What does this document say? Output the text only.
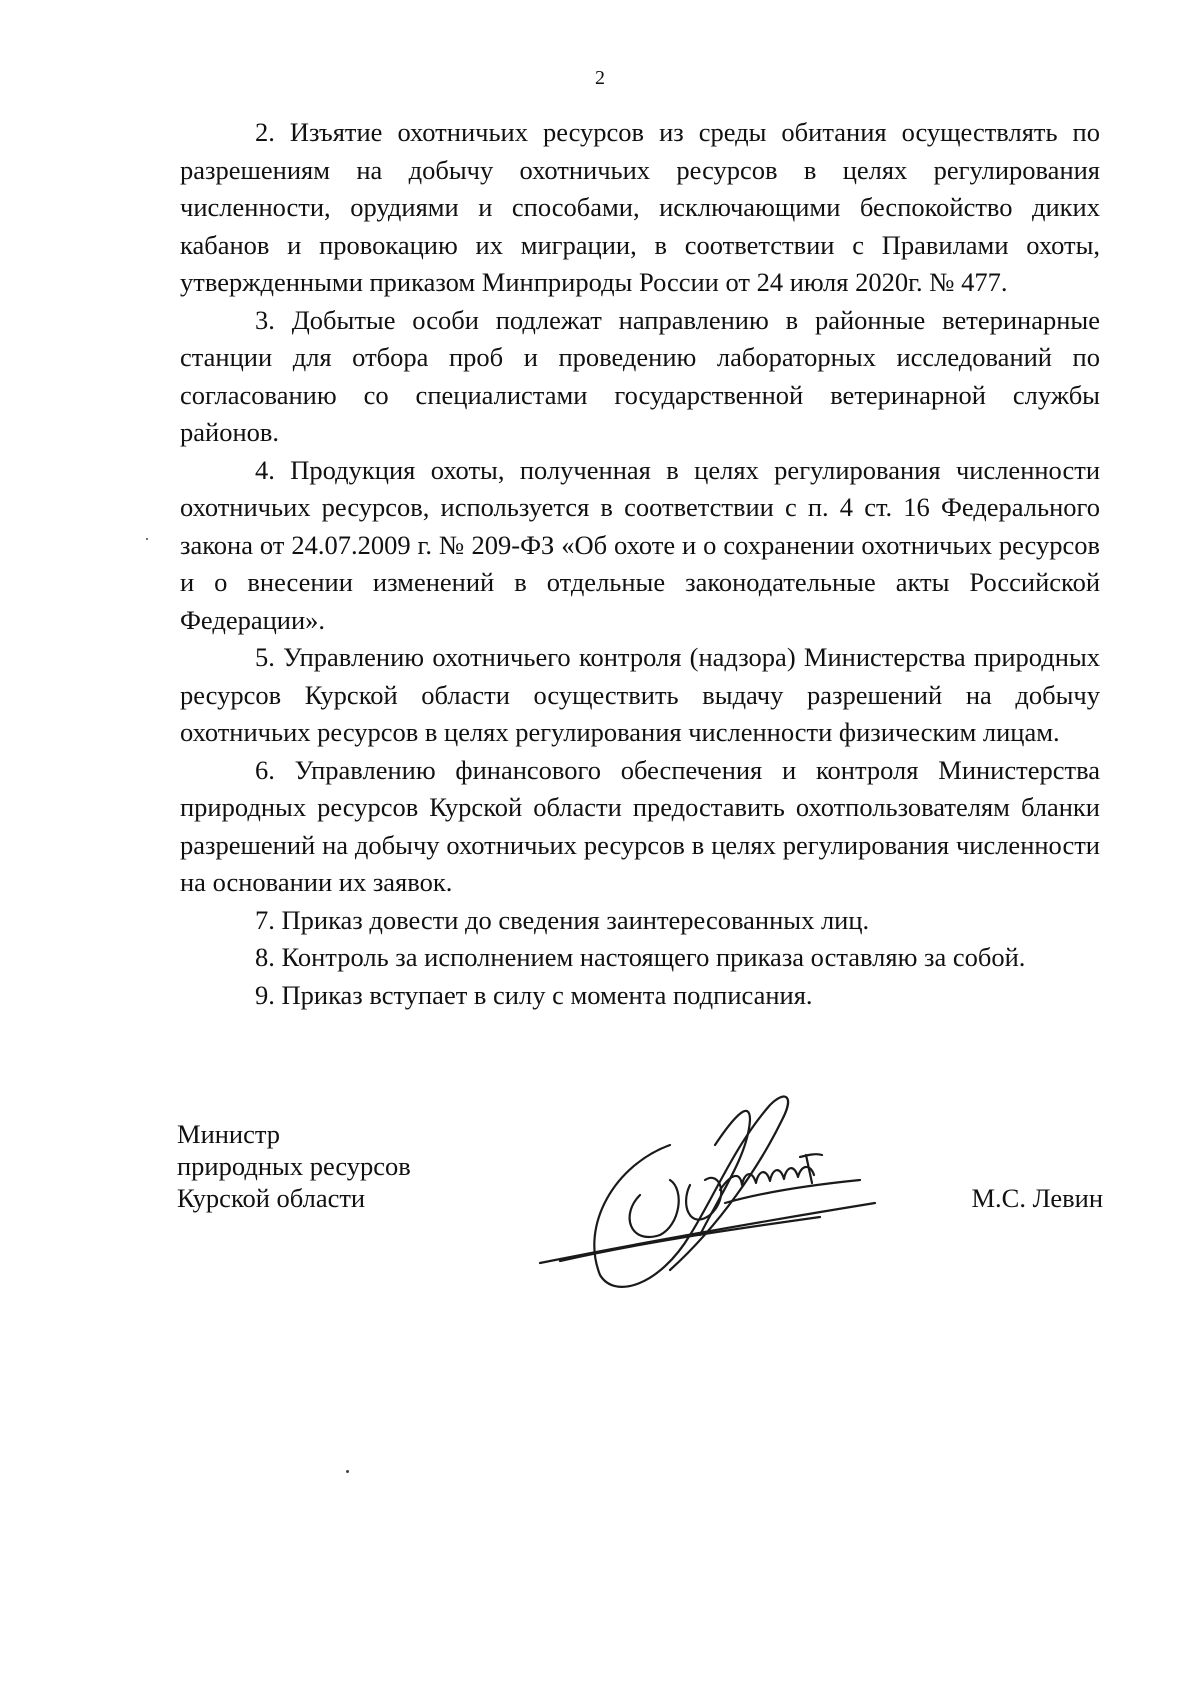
2

2. Изъятие охотничьих ресурсов из среды обитания осуществлять по разрешениям на добычу охотничьих ресурсов в целях регулирования численности, орудиями и способами, исключающими беспокойство диких кабанов и провокацию их миграции, в соответствии с Правилами охоты, утвержденными приказом Минприроды России от 24 июля 2020г. № 477.

3. Добытые особи подлежат направлению в районные ветеринарные станции для отбора проб и проведению лабораторных исследований по согласованию со специалистами государственной ветеринарной службы районов.

4. Продукция охоты, полученная в целях регулирования численности охотничьих ресурсов, используется в соответствии с п. 4 ст. 16 Федерального закона от 24.07.2009 г. № 209-ФЗ «Об охоте и о сохранении охотничьих ресурсов и о внесении изменений в отдельные законодательные акты Российской Федерации».

5. Управлению охотничьего контроля (надзора) Министерства природных ресурсов Курской области осуществить выдачу разрешений на добычу охотничьих ресурсов в целях регулирования численности физическим лицам.

6. Управлению финансового обеспечения и контроля Министерства природных ресурсов Курской области предоставить охотпользователям бланки разрешений на добычу охотничьих ресурсов в целях регулирования численности на основании их заявок.

7. Приказ довести до сведения заинтересованных лиц.

8. Контроль за исполнением настоящего приказа оставляю за собой.

9. Приказ вступает в силу с момента подписания.

Министр
природных ресурсов
Курской области	М.С. Левин
